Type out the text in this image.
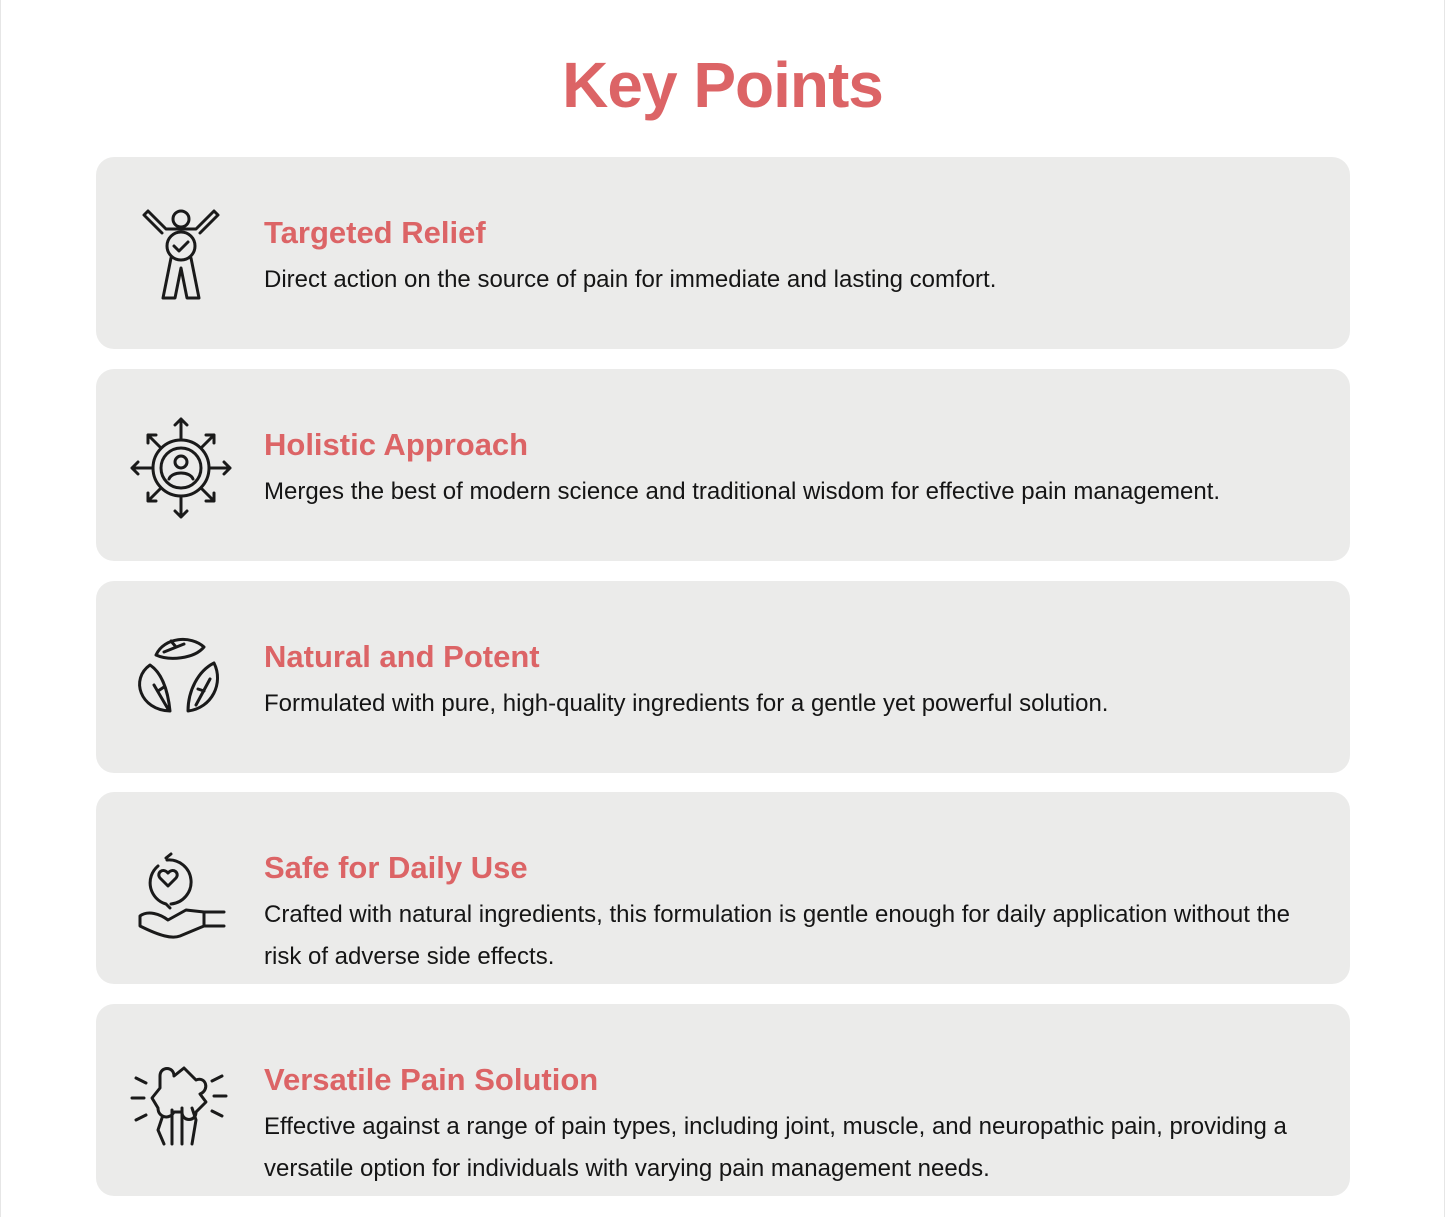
Key Points

Targeted Relief

Direct action on the source of pain for immediate and lasting comfort.

Holistic Approach

Merges the best of modern science and traditional wisdom for effective pain management.

Natural and Potent

Formulated with pure, high-quality ingredients for a gentle yet powerful solution.

Safe for Daily Use

Crafted with natural ingredients, this formulation is gentle enough for daily application without the risk of adverse side effects.

Versatile Pain Solution

Effective against a range of pain types, including joint, muscle, and neuropathic pain, providing a versatile option for individuals with varying pain management needs.
